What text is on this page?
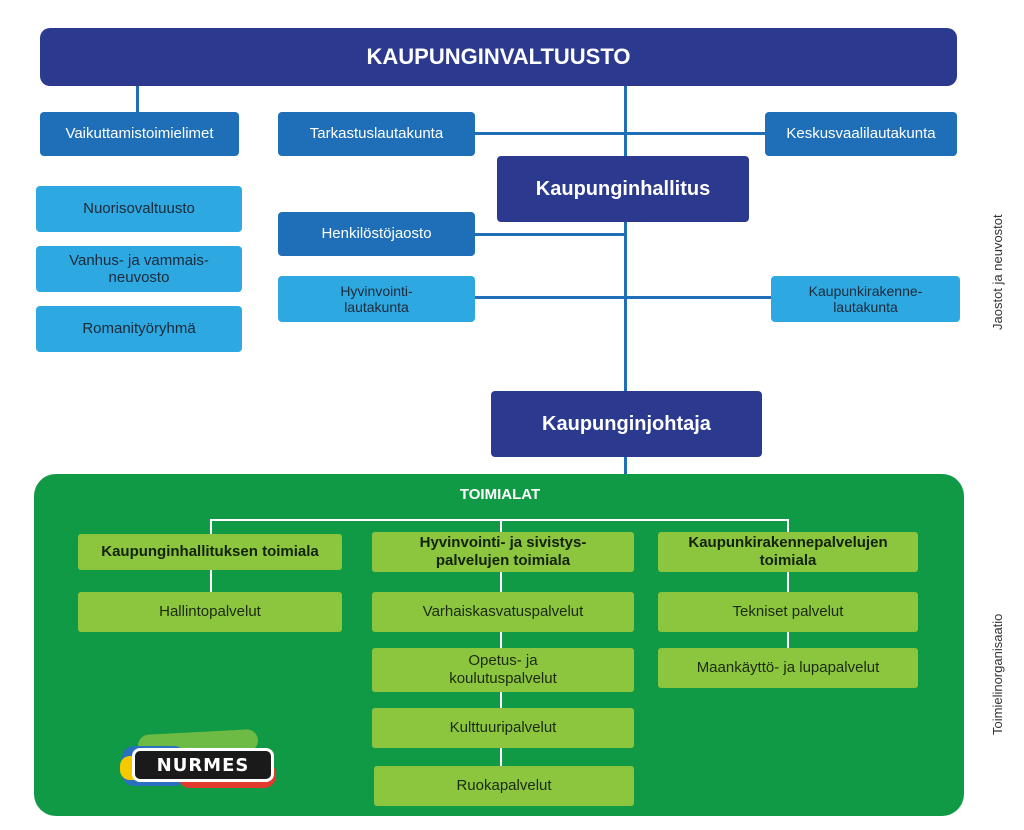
KAUPUNGINVALTUUSTO
Vaikuttamistoimielimet
Nuorisovaltuusto
Vanhus- ja vammais-
neuvosto
Romanityöryhmä
Tarkastuslautakunta	Keskusvaalilautakunta
Kaupunginhallitus
Henkilöstöjaosto
Hyvinvointi-
lautakunta
Kaupunkirakenne-
lautakunta
Kaupunginjohtaja
TOIMIALAT
Kaupunginhallituksen toimiala
Hyvinvointi- ja sivistys-
palvelujen toimiala
Kaupunkirakennepalvelujen
toimiala
Hallintopalvelut	Varhaiskasvatuspalvelut
Opetus- ja
koulutuspalvelut
Kulttuuripalvelut
Ruokapalvelut
Tekniset palvelut
Maankäyttö- ja lupapalvelut
NURMES
Jaostot ja neuvostot
Toimielinorganisaatio
